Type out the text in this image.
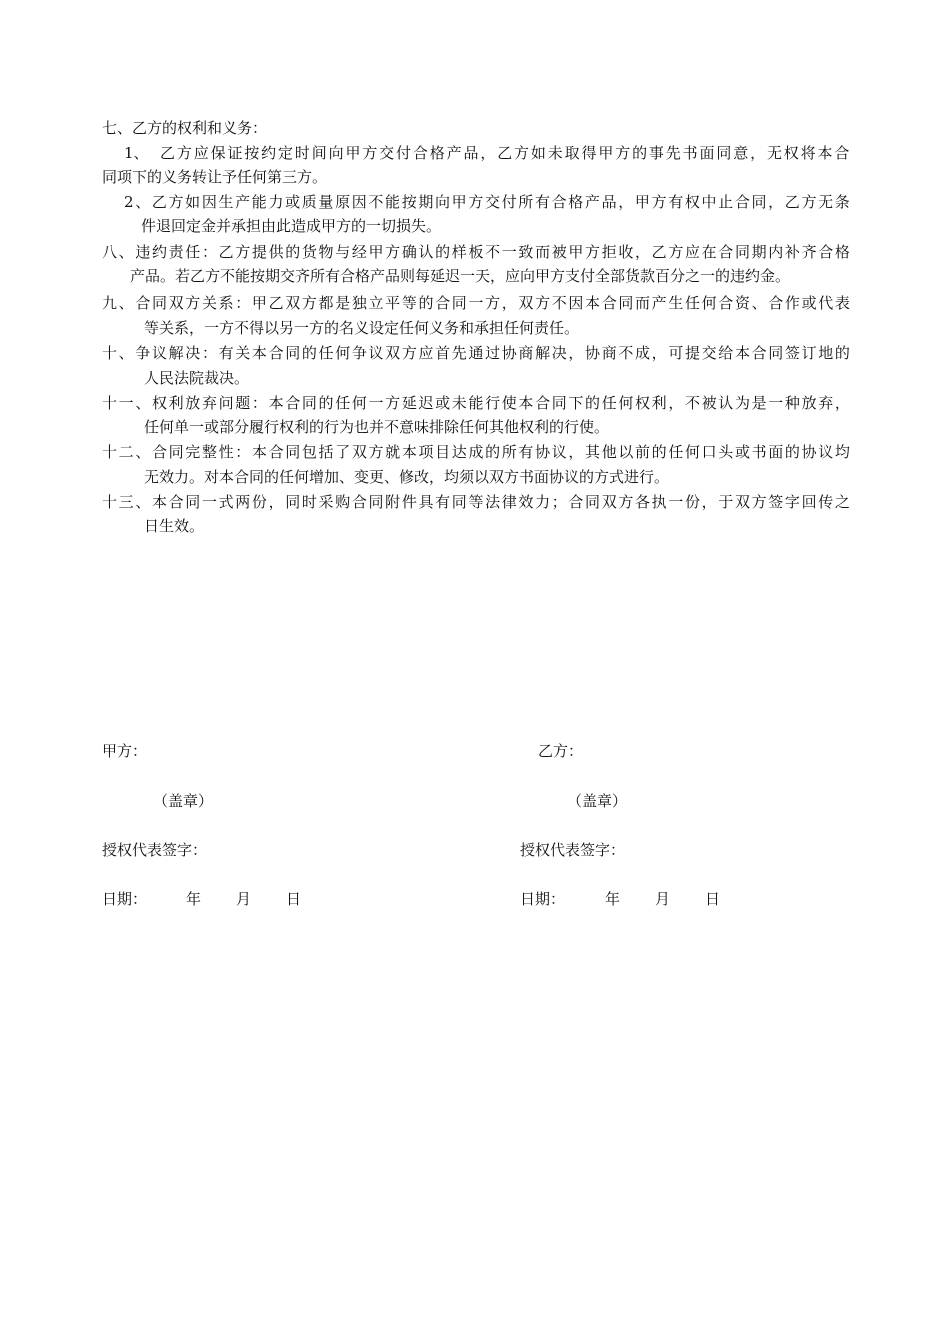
七、乙方的权利和义务：
1、 乙 方 应 保 证 按 约 定 时 间 向 甲 方 交 付 合 格 产 品 ， 乙 方 如 未 取 得 甲 方 的 事 先 书 面 同 意 ， 无 权 将 本 合
同项下的义务转让予任何第三方。
2 、 乙 方 如 因 生 产 能 力 或 质 量 原 因 不 能 按 期 向 甲 方 交 付 所 有 合 格 产 品 ， 甲 方 有 权 中 止 合 同 ， 乙 方 无 条
件退回定金并承担由此造成甲方的一切损失。
八 、 违 约 责 任 ： 乙 方 提 供 的 货 物 与 经 甲 方 确 认 的 样 板 不 一 致 而 被 甲 方 拒 收 ， 乙 方 应 在 合 同 期 内 补 齐 合 格
产品。若乙方不能按期交齐所有合格产品则每延迟一天，应向甲方支付全部货款百分之一的违约金。
九 、 合 同 双 方 关 系 ： 甲 乙 双 方 都 是 独 立 平 等 的 合 同 一 方 ， 双 方 不 因 本 合 同 而 产 生 任 何 合 资 、 合 作 或 代 表
等关系，一方不得以另一方的名义设定任何义务和承担任何责任。
十 、 争 议 解 决 ： 有 关 本 合 同 的 任 何 争 议 双 方 应 首 先 通 过 协 商 解 决 ， 协 商 不 成 ， 可 提 交 给 本 合 同 签 订 地 的
人民法院裁决。
十 一 、 权 利 放 弃 问 题 ： 本 合 同 的 任 何 一 方 延 迟 或 未 能 行 使 本 合 同 下 的 任 何 权 利 ， 不 被 认 为 是 一 种 放 弃 ，
任何单一或部分履行权利的行为也并不意味排除任何其他权利的行使。
十 二 、 合 同 完 整 性 ： 本 合 同 包 括 了 双 方 就 本 项 目 达 成 的 所 有 协 议 ， 其 他 以 前 的 任 何 口 头 或 书 面 的 协 议 均
无效力。对本合同的任何增加、变更、修改，均须以双方书面协议的方式进行。
十 三 、 本 合 同 一 式 两 份 ， 同 时 采 购 合 同 附 件 具 有 同 等 法 律 效 力 ； 合 同 双 方 各 执 一 份 ， 于 双 方 签 字 回 传 之
日生效。
甲方：	乙方：
（盖章）	（盖章）
授权代表签字：	授权代表签字：
日期：	年 月 日	日期：	年 月 日
